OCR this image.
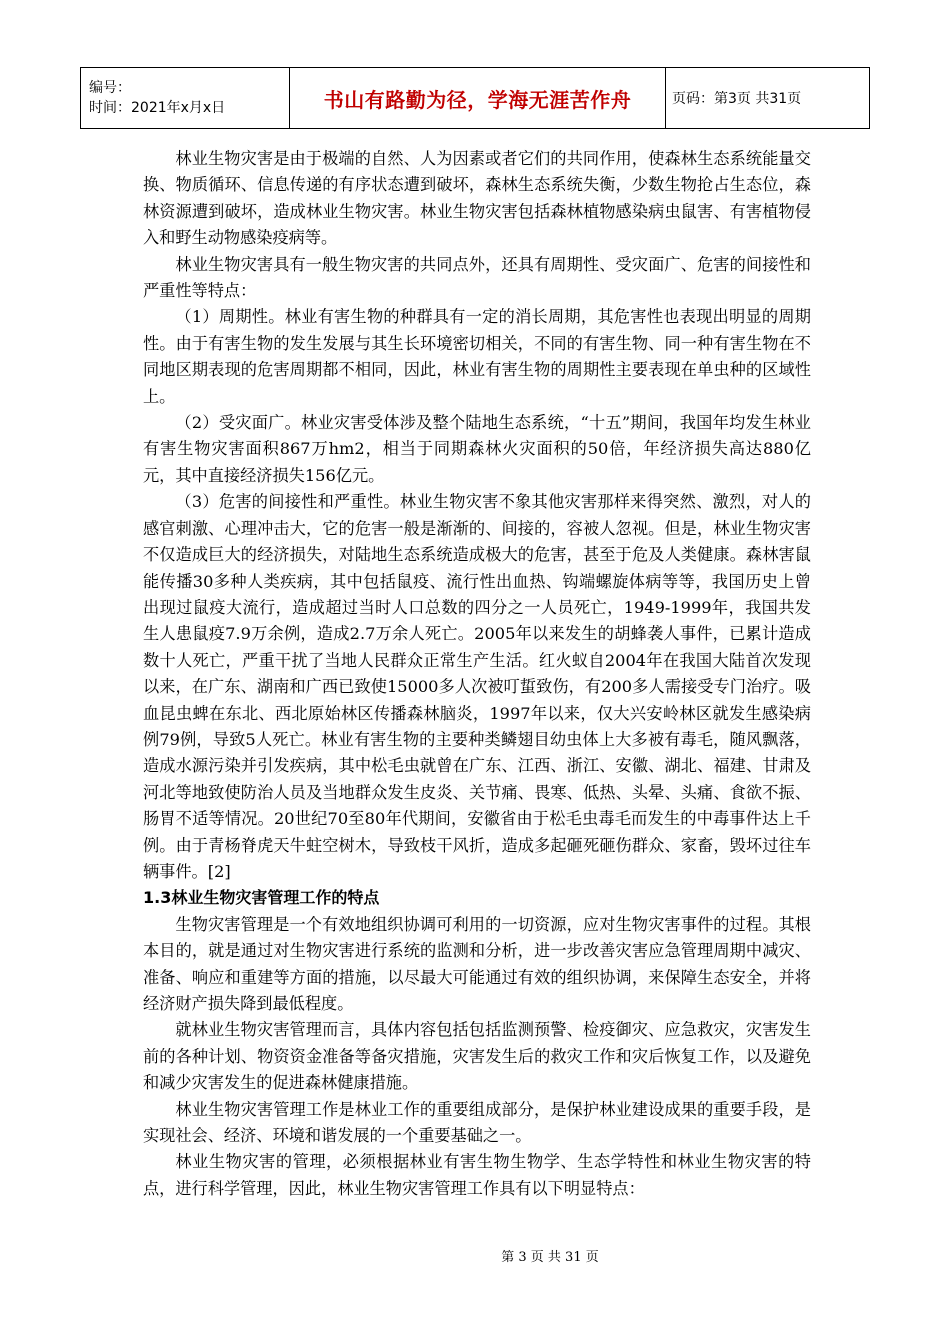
编号：
时间：2021年x月x日	书山有路勤为径，学海无涯苦作舟	页码：第3页 共31页

林业生物灾害是由于极端的自然、人为因素或者它们的共同作用，使森林生态系统能量交换、物质循环、信息传递的有序状态遭到破坏，森林生态系统失衡，少数生物抢占生态位，森林资源遭到破坏，造成林业生物灾害。林业生物灾害包括森林植物感染病虫鼠害、有害植物侵入和野生动物感染疫病等。

林业生物灾害具有一般生物灾害的共同点外，还具有周期性、受灾面广、危害的间接性和严重性等特点：

（1）周期性。林业有害生物的种群具有一定的消长周期，其危害性也表现出明显的周期性。由于有害生物的发生发展与其生长环境密切相关，不同的有害生物、同一种有害生物在不同地区期表现的危害周期都不相同，因此，林业有害生物的周期性主要表现在单虫种的区域性上。

（2）受灾面广。林业灾害受体涉及整个陆地生态系统，“十五”期间，我国年均发生林业有害生物灾害面积867万hm2，相当于同期森林火灾面积的50倍，年经济损失高达880亿元，其中直接经济损失156亿元。

（3）危害的间接性和严重性。林业生物灾害不象其他灾害那样来得突然、激烈，对人的感官刺激、心理冲击大，它的危害一般是渐渐的、间接的，容被人忽视。但是，林业生物灾害不仅造成巨大的经济损失，对陆地生态系统造成极大的危害，甚至于危及人类健康。森林害鼠能传播30多种人类疾病，其中包括鼠疫、流行性出血热、钩端螺旋体病等等，我国历史上曾出现过鼠疫大流行，造成超过当时人口总数的四分之一人员死亡，1949-1999年，我国共发生人患鼠疫7.9万余例，造成2.7万余人死亡。2005年以来发生的胡蜂袭人事件，已累计造成数十人死亡，严重干扰了当地人民群众正常生产生活。红火蚁自2004年在我国大陆首次发现以来，在广东、湖南和广西已致使15000多人次被叮蜇致伤，有200多人需接受专门治疗。吸血昆虫蜱在东北、西北原始林区传播森林脑炎，1997年以来，仅大兴安岭林区就发生感染病例79例，导致5人死亡。林业有害生物的主要种类鳞翅目幼虫体上大多被有毒毛，随风飘落，造成水源污染并引发疾病，其中松毛虫就曾在广东、江西、浙江、安徽、湖北、福建、甘肃及河北等地致使防治人员及当地群众发生皮炎、关节痛、畏寒、低热、头晕、头痛、食欲不振、肠胃不适等情况。20世纪70至80年代期间，安徽省由于松毛虫毒毛而发生的中毒事件达上千例。由于青杨脊虎天牛蛀空树木，导致枝干风折，造成多起砸死砸伤群众、家畜，毁坏过往车辆事件。[2]

1.3林业生物灾害管理工作的特点

生物灾害管理是一个有效地组织协调可利用的一切资源，应对生物灾害事件的过程。其根本目的，就是通过对生物灾害进行系统的监测和分析，进一步改善灾害应急管理周期中减灾、准备、响应和重建等方面的措施，以尽最大可能通过有效的组织协调，来保障生态安全，并将经济财产损失降到最低程度。

就林业生物灾害管理而言，具体内容包括包括监测预警、检疫御灾、应急救灾，灾害发生前的各种计划、物资资金准备等备灾措施，灾害发生后的救灾工作和灾后恢复工作，以及避免和减少灾害发生的促进森林健康措施。

林业生物灾害管理工作是林业工作的重要组成部分，是保护林业建设成果的重要手段，是实现社会、经济、环境和谐发展的一个重要基础之一。

林业生物灾害的管理，必须根据林业有害生物生物学、生态学特性和林业生物灾害的特点，进行科学管理，因此，林业生物灾害管理工作具有以下明显特点：

第 3 页 共 31 页
